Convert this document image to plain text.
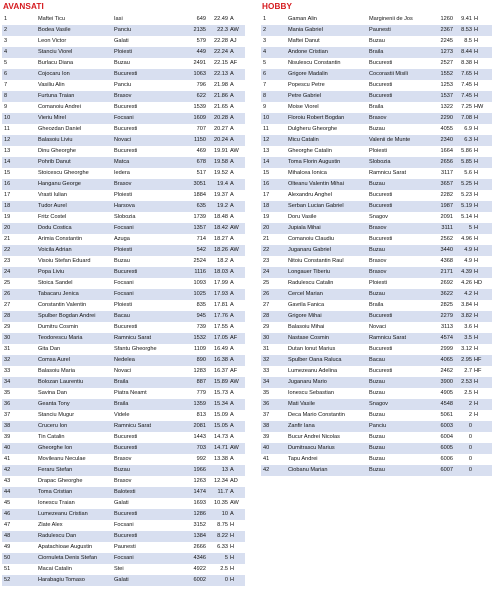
AVANSATI
1	Maftei Ticu	Iasi	649	22.49 A
2	Bodea Vasile	Panciu	2135	22.3 AW
3	Leon Victor	Galati	579	22.28 AJ
4	Stanciu Viorel	Ploiesti	449	22.24 A
5	Burlacu Diana	Buzau	2491	22.15 AF
6	Cojocaru Ion	Bucuresti	1063	22.13 A
7	Vasiliu Alin	Panciu	796	21.98 A
8	Furtuna Traian	Brasov	622	21.86 A
9	Comanoiu Andrei	Bucuresti	1539	21.65 A
10	Vieriu Mirel	Focsani	1609	20.28 A
11	Gheozdan Daniel	Bucuresti	707	20.27 A
12	Balasoiu Liviu	Novaci	1150	20.24 A
13	Dinu Gheorghe	Bucuresti	469	19.91 AW
14	Pohrib Danut	Matca	678	19.58 A
15	Stoicescu Gheorghe	Iedera	517	19.52 A
16	Hanganu George	Brasov	3051	19.4 A
17	Vrasti Iulian	Ploiesti	1884	19.37 A
18	Tudor Aurel	Harsova	635	19.2 A
19	Fritz Costel	Slobozia	1739	18.48 A
20	Dodu Costica	Focsani	1357	18.42 AW
21	Arimia Constantin	Azuga	714	18.27 A
22	Voicila Adrian	Ploiesti	542	18.26 AW
23	Visoiu Stefan Eduard	Buzau	2524	18.2 A
24	Popa Liviu	Bucuresti	1116	18.03 A
25	Stoica Sandel	Focsani	1093	17.99 A
26	Tabacaru Jenica	Focsani	1025	17.93 A
27	Constantin Valentin	Ploiesti	835	17.81 A
28	Spulber Bogdan Andrei	Bacau	945	17.76 A
29	Dumitru Cosmin	Bucuresti	739	17.55 A
30	Teodorescu Maria	Ramnicu Sarat	1532	17.05 AF
31	Gita Dan	Sfantu Gheorghe	1109	16.49 A
32	Comsa Aurel	Nedelea	890	16.38 A
33	Balasoiu Maria	Novaci	1283	16.37 AF
34	Bolozan Laurentiu	Braila	887	15.89 AW
35	Savina Dan	Piatra Neamt	779	15.73 A
36	Geanta Tony	Braila	1359	15.34 A
37	Stanciu Mugur	Videle	813	15.09 A
38	Cruceru Ion	Ramnicu Sarat	2081	15.05 A
39	Tin Catalin	Bucuresti	1443	14.73 A
40	Gheorghe Ion	Bucuresti	703	14.71 AW
41	Movileanu Neculae	Brasov	992	13.38 A
42	Feraru Stefan	Buzau	1966	13 A
43	Drapac Gheorghe	Brasov	1263	12.34 AD
44	Toma Cristian	Balotesti	1474	11.7 A
45	Ionescu Traian	Galati	1693	10.35 AW
46	Lumezeanu Cristian	Bucuresti	1286	10 A
47	Zlate Alex	Focsani	3152	8.75 H
48	Radulescu Dan	Bucuresti	1384	8.22 H
49	Apatachioae Augustin	Paunesti	2666	6.33 H
50	Ciornuleta Denis Stefan	Focsani	4346	5 H
51	Macai Catalin	Stei	4922	2.5 H
52	Harabagiu Tomaso	Galati	6002	0 H
HOBBY
1	Gaman Alin	Marginenii de Jos	1260	9.41 H
2	Mania Gabriel	Paunesti	2367	8.53 H
3	Maftei Danut	Buzau	2245	8.5 H
4	Andone Cristian	Braila	1273	8.44 H
5	Nisulescu Constantin	Bucuresti	2527	8.38 H
6	Grigore Madalin	Cocorastii Misili	1552	7.65 H
7	Popescu Petre	Bucuresti	1253	7.45 H
8	Petre Gabriel	Bucuresti	1537	7.45 H
9	Moise Viorel	Braila	1322	7.25 HW
10	Floroiu Robert Bogdan	Brasov	2290	7.08 H
11	Dulgheru Gheorghe	Buzau	4055	6.9 H
12	Micu Catalin	Valenii de Munte	2340	6.3 H
13	Gheorghe Catalin	Ploiesti	1664	5.86 H
14	Toma Florin Augustin	Slobozia	2656	5.85 H
15	Mihalcea Ionica	Ramnicu Sarat	3117	5.6 H
16	Olteanu Valentin Mihai	Buzau	3657	5.25 H
17	Alexandru Anghel	Bucuresti	2282	5.23 H
18	Serban Lucian Gabriel	Bucuresti	1987	5.19 H
19	Doru Vasile	Snagov	2091	5.14 H
20	Jupiala Mihai	Brasov	3111	5 H
21	Comanoiu Claudiu	Bucuresti	2562	4.96 H
22	Juganaru Gabriel	Buzau	3440	4.9 H
23	Nitoiu Constantin Raul	Brasov	4368	4.9 H
24	Longauer Tiberiu	Brasov	2171	4.39 H
25	Radulescu Catalin	Ploiesti	2692	4.26 HD
26	Cercel Marian	Buzau	3622	4.2 H
27	Gavrila Fanica	Braila	2825	3.84 H
28	Grigore Mihai	Bucuresti	2279	3.82 H
29	Balasoiu Mihai	Novaci	3113	3.6 H
30	Nastase Cosmin	Ramnicu Sarat	4574	3.5 H
31	Dutan Ionut Marius	Bucuresti	2999	3.12 H
32	Spulber Oana Raluca	Bacau	4065	2.95 HF
33	Lumezeanu Adelina	Bucuresti	2462	2.7 HF
34	Juganaru Mario	Buzau	3900	2.53 H
35	Ionescu Sebastian	Buzau	4905	2.5 H
36	Mati Vasile	Snagov	4548	2 H
37	Deca Mario Constantin	Buzau	5061	2 H
38	Zanfir Iana	Panciu	6003	0
39	Bucur Andrei Nicolas	Buzau	6004	0
40	Dumitrascu Marius	Buzau	6005	0
41	Tapu Andrei	Buzau	6006	0
42	Ciobanu Marian	Buzau	6007	0
